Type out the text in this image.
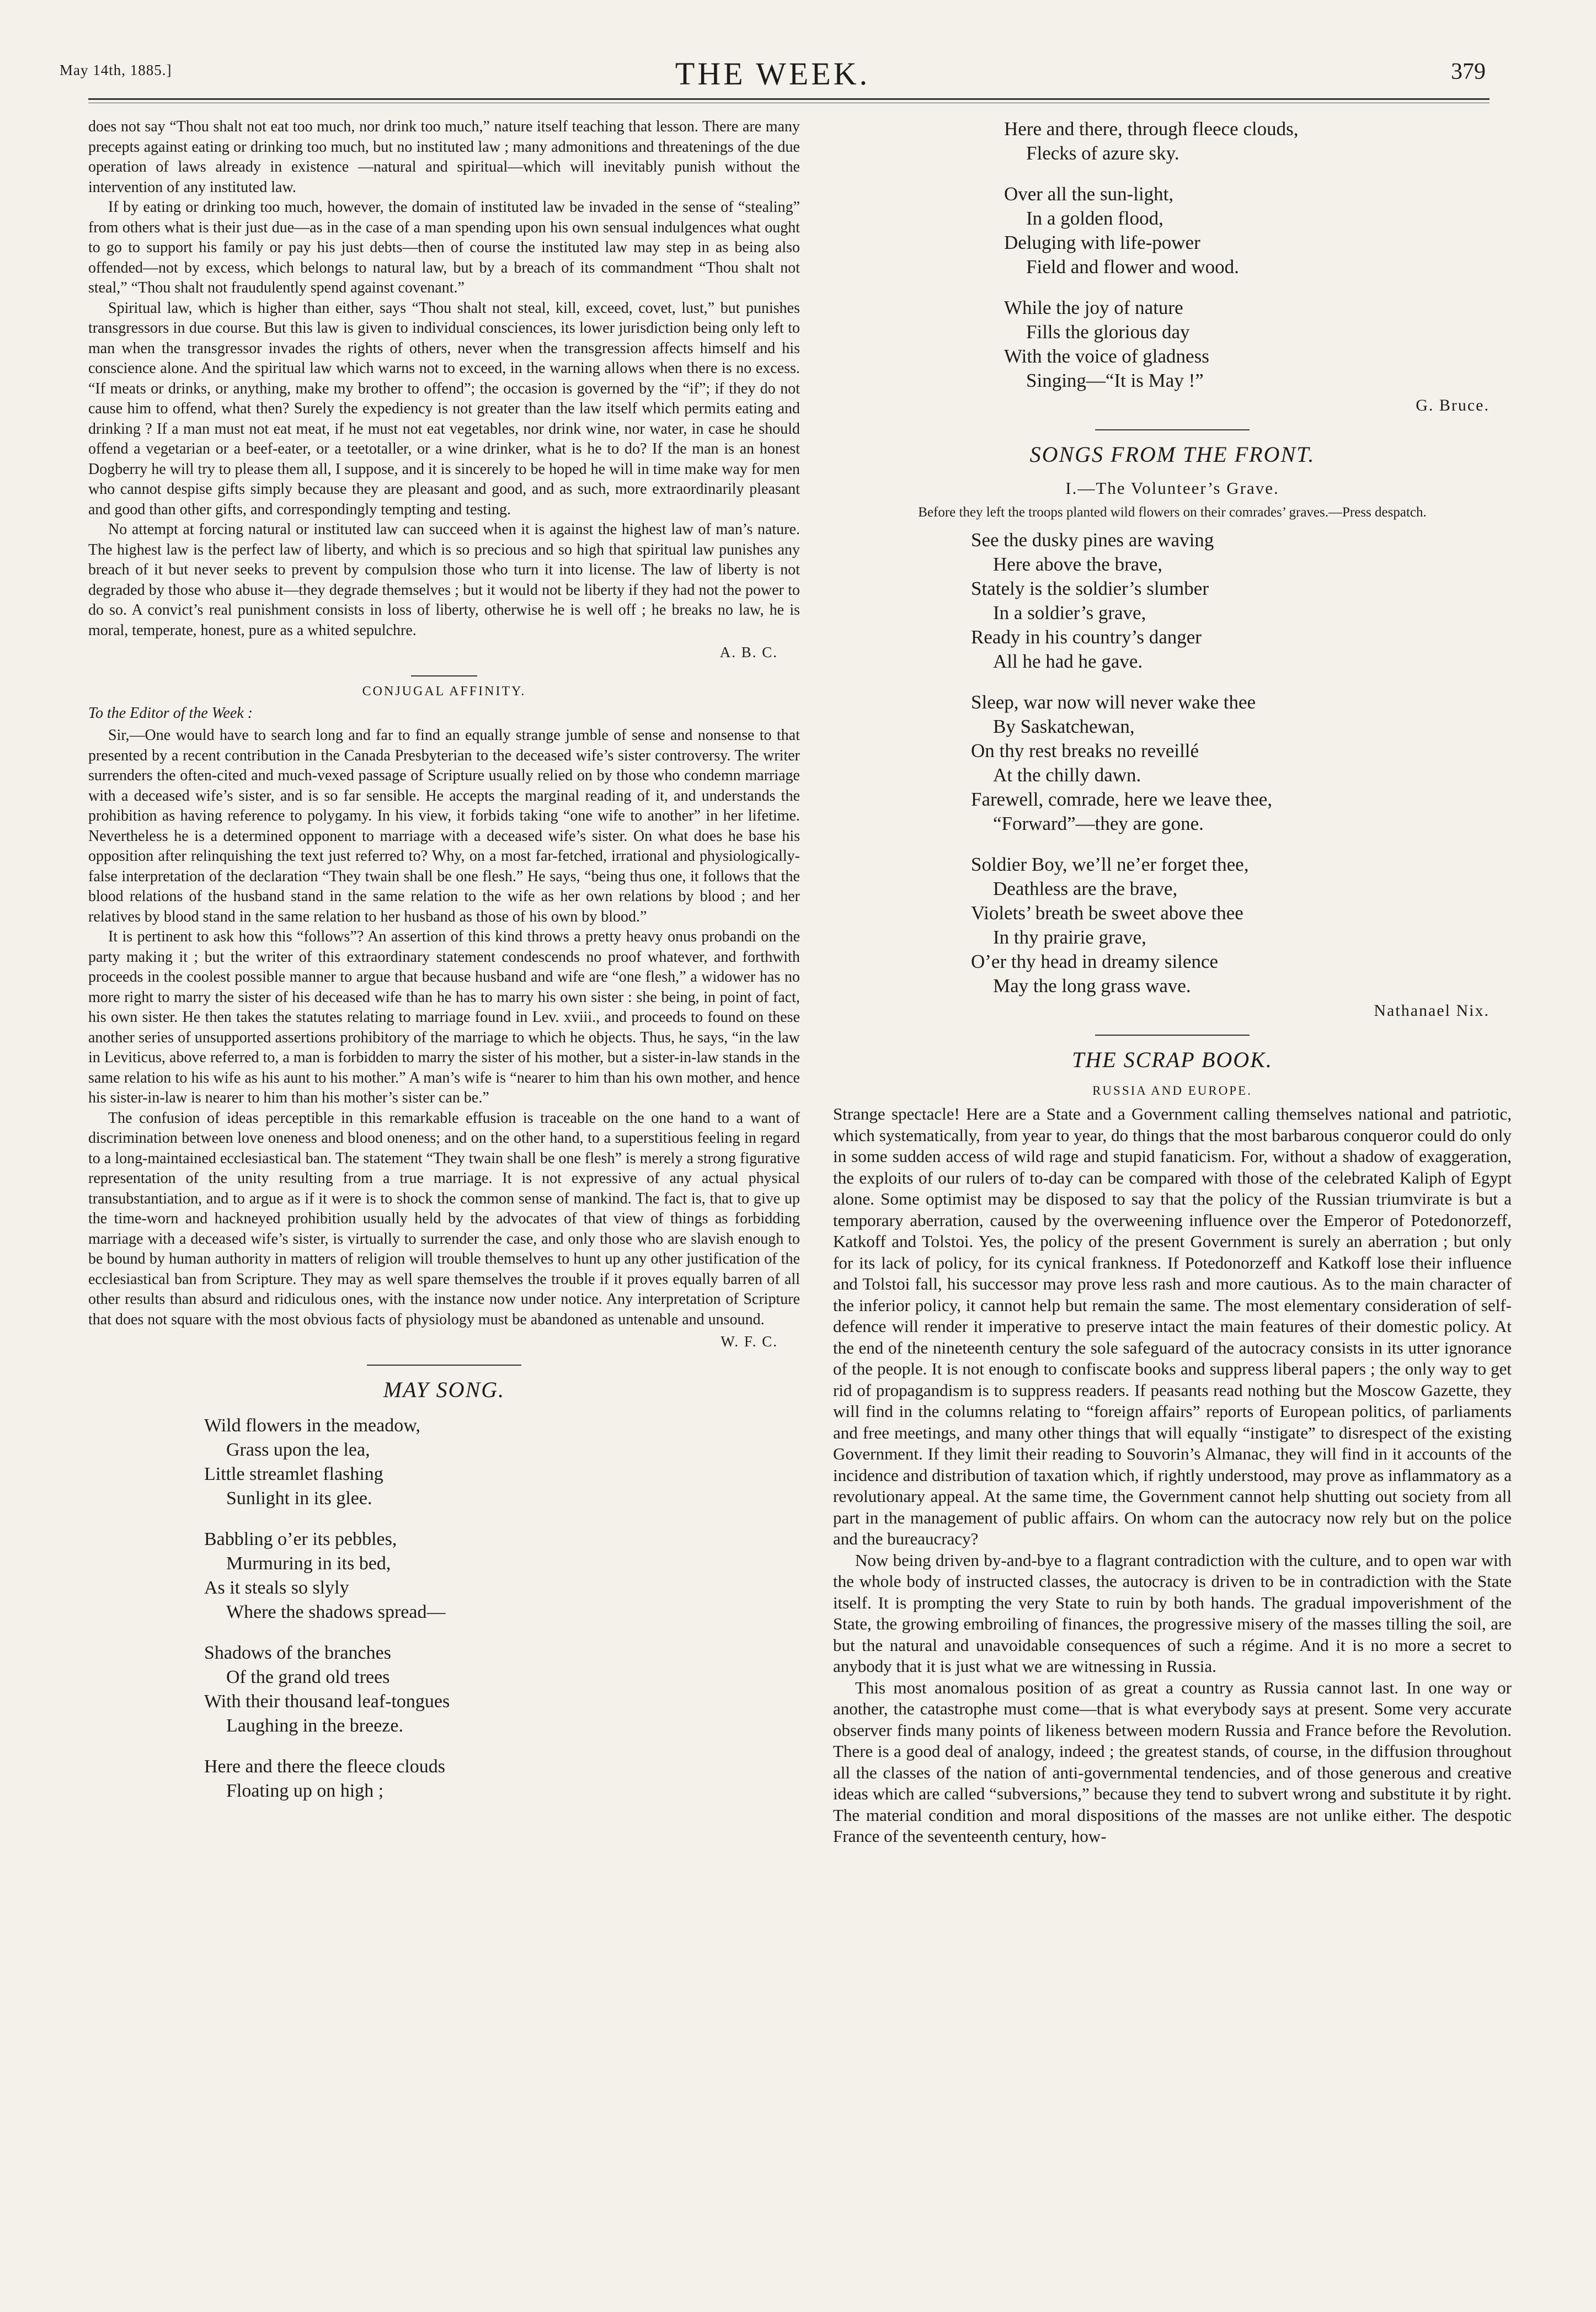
May 14th, 1885.]	THE WEEK.	379

does not say “Thou shalt not eat too much, nor drink too much,” nature itself teaching that lesson. There are many precepts against eating or drinking too much, but no instituted law ; many admonitions and threatenings of the due operation of laws already in existence —natural and spiritual—which will inevitably punish without the intervention of any instituted law.

If by eating or drinking too much, however, the domain of instituted law be invaded in the sense of “stealing” from others what is their just due—as in the case of a man spending upon his own sensual indulgences what ought to go to support his family or pay his just debts—then of course the instituted law may step in as being also offended—not by excess, which belongs to natural law, but by a breach of its commandment “Thou shalt not steal,” “Thou shalt not fraudulently spend against covenant.”

Spiritual law, which is higher than either, says “Thou shalt not steal, kill, exceed, covet, lust,” but punishes transgressors in due course. But this law is given to individual consciences, its lower jurisdiction being only left to man when the transgressor invades the rights of others, never when the transgression affects himself and his conscience alone. And the spiritual law which warns not to exceed, in the warning allows when there is no excess. “If meats or drinks, or anything, make my brother to offend”; the occasion is governed by the “if”; if they do not cause him to offend, what then? Surely the expediency is not greater than the law itself which permits eating and drinking ? If a man must not eat meat, if he must not eat vegetables, nor drink wine, nor water, in case he should offend a vegetarian or a beef-eater, or a teetotaller, or a wine drinker, what is he to do? If the man is an honest Dogberry he will try to please them all, I suppose, and it is sincerely to be hoped he will in time make way for men who cannot despise gifts simply because they are pleasant and good, and as such, more extraordinarily pleasant and good than other gifts, and correspondingly tempting and testing.

No attempt at forcing natural or instituted law can succeed when it is against the highest law of man’s nature. The highest law is the perfect law of liberty, and which is so precious and so high that spiritual law punishes any breach of it but never seeks to prevent by compulsion those who turn it into license. The law of liberty is not degraded by those who abuse it—they degrade themselves ; but it would not be liberty if they had not the power to do so. A convict’s real punishment consists in loss of liberty, otherwise he is well off ; he breaks no law, he is moral, temperate, honest, pure as a whited sepulchre.

A. B. C.
CONJUGAL AFFINITY.
To the Editor of the Week :

Sir,—One would have to search long and far to find an equally strange jumble of sense and nonsense to that presented by a recent contribution in the Canada Presbyterian to the deceased wife’s sister controversy. The writer surrenders the often-cited and much-vexed passage of Scripture usually relied on by those who condemn marriage with a deceased wife’s sister, and is so far sensible. He accepts the marginal reading of it, and understands the prohibition as having reference to polygamy. In his view, it forbids taking “one wife to another” in her lifetime. Nevertheless he is a determined opponent to marriage with a deceased wife’s sister. On what does he base his opposition after relinquishing the text just referred to? Why, on a most far-fetched, irrational and physiologically-false interpretation of the declaration “They twain shall be one flesh.” He says, “being thus one, it follows that the blood relations of the husband stand in the same relation to the wife as her own relations by blood ; and her relatives by blood stand in the same relation to her husband as those of his own by blood.”

It is pertinent to ask how this “follows”? An assertion of this kind throws a pretty heavy onus probandi on the party making it ; but the writer of this extraordinary statement condescends no proof whatever, and forthwith proceeds in the coolest possible manner to argue that because husband and wife are “one flesh,” a widower has no more right to marry the sister of his deceased wife than he has to marry his own sister : she being, in point of fact, his own sister. He then takes the statutes relating to marriage found in Lev. xviii., and proceeds to found on these another series of unsupported assertions prohibitory of the marriage to which he objects. Thus, he says, “in the law in Leviticus, above referred to, a man is forbidden to marry the sister of his mother, but a sister-in-law stands in the same relation to his wife as his aunt to his mother.” A man’s wife is “nearer to him than his own mother, and hence his sister-in-law is nearer to him than his mother’s sister can be.”

The confusion of ideas perceptible in this remarkable effusion is traceable on the one hand to a want of discrimination between love oneness and blood oneness; and on the other hand, to a superstitious feeling in regard to a long-maintained ecclesiastical ban. The statement “They twain shall be one flesh” is merely a strong figurative representation of the unity resulting from a true marriage. It is not expressive of any actual physical transubstantiation, and to argue as if it were is to shock the common sense of mankind. The fact is, that to give up the time-worn and hackneyed prohibition usually held by the advocates of that view of things as forbidding marriage with a deceased wife’s sister, is virtually to surrender the case, and only those who are slavish enough to be bound by human authority in matters of religion will trouble themselves to hunt up any other justification of the ecclesiastical ban from Scripture. They may as well spare themselves the trouble if it proves equally barren of all other results than absurd and ridiculous ones, with the instance now under notice. Any interpretation of Scripture that does not square with the most obvious facts of physiology must be abandoned as untenable and unsound.

W. F. C.
MAY SONG.
Wild flowers in the meadow,
Grass upon the lea,
Little streamlet flashing
Sunlight in its glee.
Babbling o’er its pebbles,
Murmuring in its bed,
As it steals so slyly
Where the shadows spread—
Shadows of the branches
Of the grand old trees
With their thousand leaf-tongues
Laughing in the breeze.
Here and there the fleece clouds
Floating up on high ;
Here and there, through fleece clouds,
Flecks of azure sky.
Over all the sun-light,
In a golden flood,
Deluging with life-power
Field and flower and wood.
While the joy of nature
Fills the glorious day
With the voice of gladness
Singing—“It is May !”
G. Bruce.
SONGS FROM THE FRONT.
I.—The Volunteer’s Grave.
Before they left the troops planted wild flowers on their comrades’ graves.—Press despatch.
See the dusky pines are waving
Here above the brave,
Stately is the soldier’s slumber
In a soldier’s grave,
Ready in his country’s danger
All he had he gave.
Sleep, war now will never wake thee
By Saskatchewan,
On thy rest breaks no reveillé
At the chilly dawn.
Farewell, comrade, here we leave thee,
“Forward”—they are gone.
Soldier Boy, we’ll ne’er forget thee,
Deathless are the brave,
Violets’ breath be sweet above thee
In thy prairie grave,
O’er thy head in dreamy silence
May the long grass wave.
Nathanael Nix.
THE SCRAP BOOK.
RUSSIA AND EUROPE.

Strange spectacle! Here are a State and a Government calling themselves national and patriotic, which systematically, from year to year, do things that the most barbarous conqueror could do only in some sudden access of wild rage and stupid fanaticism. For, without a shadow of exaggeration, the exploits of our rulers of to-day can be compared with those of the celebrated Kaliph of Egypt alone. Some optimist may be disposed to say that the policy of the Russian triumvirate is but a temporary aberration, caused by the overweening influence over the Emperor of Potedonorzeff, Katkoff and Tolstoi. Yes, the policy of the present Government is surely an aberration ; but only for its lack of policy, for its cynical frankness. If Potedonorzeff and Katkoff lose their influence and Tolstoi fall, his successor may prove less rash and more cautious. As to the main character of the inferior policy, it cannot help but remain the same. The most elementary consideration of self-defence will render it imperative to preserve intact the main features of their domestic policy. At the end of the nineteenth century the sole safeguard of the autocracy consists in its utter ignorance of the people. It is not enough to confiscate books and suppress liberal papers ; the only way to get rid of propagandism is to suppress readers. If peasants read nothing but the Moscow Gazette, they will find in the columns relating to “foreign affairs” reports of European politics, of parliaments and free meetings, and many other things that will equally “instigate” to disrespect of the existing Government. If they limit their reading to Souvorin’s Almanac, they will find in it accounts of the incidence and distribution of taxation which, if rightly understood, may prove as inflammatory as a revolutionary appeal. At the same time, the Government cannot help shutting out society from all part in the management of public affairs. On whom can the autocracy now rely but on the police and the bureaucracy?

Now being driven by-and-bye to a flagrant contradiction with the culture, and to open war with the whole body of instructed classes, the autocracy is driven to be in contradiction with the State itself. It is prompting the very State to ruin by both hands. The gradual impoverishment of the State, the growing embroiling of finances, the progressive misery of the masses tilling the soil, are but the natural and unavoidable consequences of such a régime. And it is no more a secret to anybody that it is just what we are witnessing in Russia.

This most anomalous position of as great a country as Russia cannot last. In one way or another, the catastrophe must come—that is what everybody says at present. Some very accurate observer finds many points of likeness between modern Russia and France before the Revolution. There is a good deal of analogy, indeed ; the greatest stands, of course, in the diffusion throughout all the classes of the nation of anti-governmental tendencies, and of those generous and creative ideas which are called “subversions,” because they tend to subvert wrong and substitute it by right. The material condition and moral dispositions of the masses are not unlike either. The despotic France of the seventeenth century, how-
